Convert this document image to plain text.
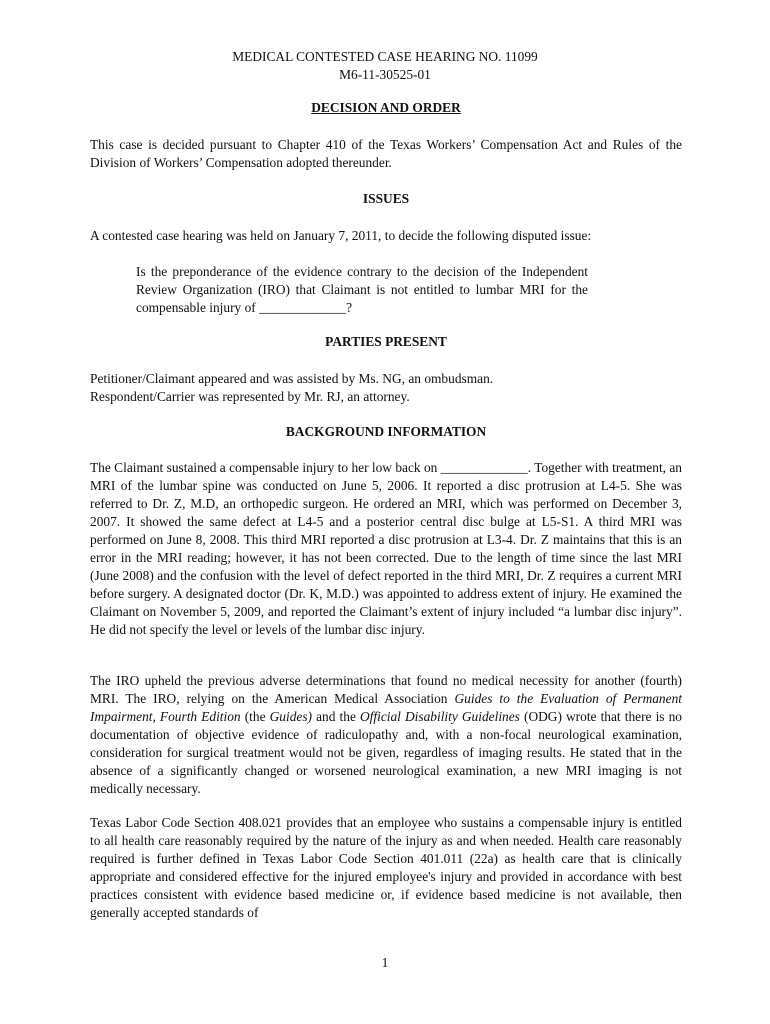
MEDICAL CONTESTED CASE HEARING NO. 11099
M6-11-30525-01
DECISION AND ORDER
This case is decided pursuant to Chapter 410 of the Texas Workers’ Compensation Act and Rules of the Division of Workers’ Compensation adopted thereunder.
ISSUES
A contested case hearing was held on January 7, 2011, to decide the following disputed issue:
Is the preponderance of the evidence contrary to the decision of the Independent Review Organization (IRO) that Claimant is not entitled to lumbar MRI for the compensable injury of _____________?
PARTIES PRESENT
Petitioner/Claimant appeared and was assisted by Ms. NG, an ombudsman.
Respondent/Carrier was represented by Mr. RJ, an attorney.
BACKGROUND INFORMATION
The Claimant sustained a compensable injury to her low back on _____________. Together with treatment, an MRI of the lumbar spine was conducted on June 5, 2006. It reported a disc protrusion at L4-5. She was referred to Dr. Z, M.D, an orthopedic surgeon. He ordered an MRI, which was performed on December 3, 2007. It showed the same defect at L4-5 and a posterior central disc bulge at L5-S1. A third MRI was performed on June 8, 2008. This third MRI reported a disc protrusion at L3-4. Dr. Z maintains that this is an error in the MRI reading; however, it has not been corrected. Due to the length of time since the last MRI (June 2008) and the confusion with the level of defect reported in the third MRI, Dr. Z requires a current MRI before surgery. A designated doctor (Dr. K, M.D.) was appointed to address extent of injury. He examined the Claimant on November 5, 2009, and reported the Claimant’s extent of injury included “a lumbar disc injury”. He did not specify the level or levels of the lumbar disc injury.
The IRO upheld the previous adverse determinations that found no medical necessity for another (fourth) MRI. The IRO, relying on the American Medical Association Guides to the Evaluation of Permanent Impairment, Fourth Edition (the Guides) and the Official Disability Guidelines (ODG) wrote that there is no documentation of objective evidence of radiculopathy and, with a non-focal neurological examination, consideration for surgical treatment would not be given, regardless of imaging results. He stated that in the absence of a significantly changed or worsened neurological examination, a new MRI imaging is not medically necessary.
Texas Labor Code Section 408.021 provides that an employee who sustains a compensable injury is entitled to all health care reasonably required by the nature of the injury as and when needed. Health care reasonably required is further defined in Texas Labor Code Section 401.011 (22a) as health care that is clinically appropriate and considered effective for the injured employee's injury and provided in accordance with best practices consistent with evidence based medicine or, if evidence based medicine is not available, then generally accepted standards of
1
